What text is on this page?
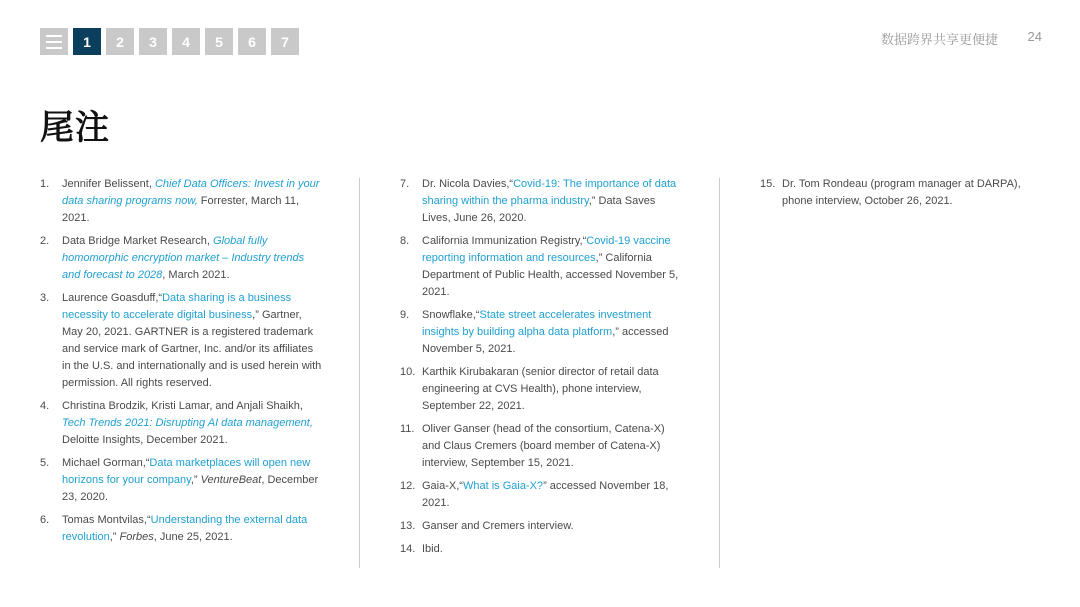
1	2	3	4	5	6	7	数据跨界共享更便捷 24
尾注
1.	Jennifer Belissent, Chief Data Officers: Invest in your data sharing programs now, Forrester, March 11, 2021.
2.	Data Bridge Market Research, Global fully homomorphic encryption market – Industry trends and forecast to 2028, March 2021.
3.	Laurence Goasduff,“Data sharing is a business necessity to accelerate digital business,” Gartner, May 20, 2021. GARTNER is a registered trademark and service mark of Gartner, Inc. and/or its affiliates in the U.S. and internationally and is used herein with permission. All rights reserved.
4.	Christina Brodzik, Kristi Lamar, and Anjali Shaikh, Tech Trends 2021: Disrupting AI data management, Deloitte Insights, December 2021.
5.	Michael Gorman,“Data marketplaces will open new horizons for your company,” VentureBeat, December 23, 2020.
6.	Tomas Montvilas,“Understanding the external data revolution,” Forbes, June 25, 2021.
7.	Dr. Nicola Davies,“Covid-19: The importance of data sharing within the pharma industry,” Data Saves Lives, June 26, 2020.
8.	California Immunization Registry,“Covid-19 vaccine reporting information and resources,” California Department of Public Health, accessed November 5, 2021.
9.	Snowflake,“State street accelerates investment insights by building alpha data platform,” accessed November 5, 2021.
10. Karthik Kirubakaran (senior director of retail data engineering at CVS Health), phone interview, September 22, 2021.
11. Oliver Ganser (head of the consortium, Catena-X) and Claus Cremers (board member of Catena-X) interview, September 15, 2021.
12. Gaia-X,“What is Gaia-X?” accessed November 18, 2021.
13. Ganser and Cremers interview.
14. Ibid.
15. Dr. Tom Rondeau (program manager at DARPA), phone interview, October 26, 2021.
